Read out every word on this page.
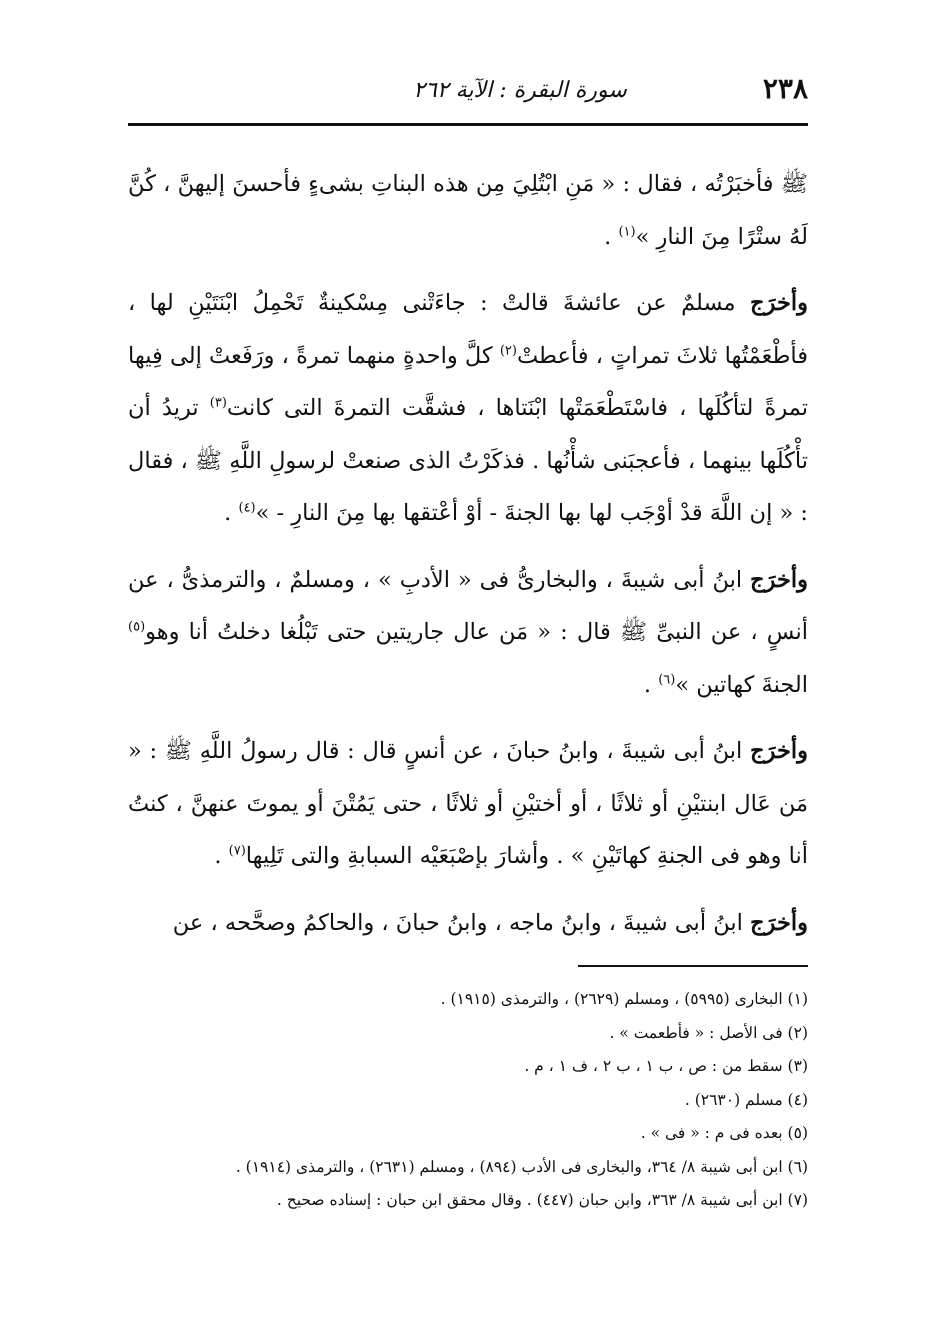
٢٣٨
سورة البقرة : الآية ٢٦٢

ﷺ فأخبَرْتُه ، فقال : « مَنِ ابْتُلِيَ مِن هذه البناتِ بشىءٍ فأحسنَ إليهنَّ ، كُنَّ لَهُ ستْرًا مِنَ النارِ »$^{(١)}$ .

وأخرَج مسلمٌ عن عائشةَ قالتْ : جاءَتْنى مِسْكينةٌ تَحْمِلُ ابْنَتَيْنِ لها ، فأطْعَمْتُها ثلاثَ تمراتٍ ، فأعطتْ$^{(٢)}$ كلَّ واحدةٍ منهما تمرةً ، ورَفَعتْ إلى فِيها تمرةً لتأكُلَها ، فاسْتَطْعَمَتْها ابْنَتاها ، فشقَّت التمرةَ التى كانت$^{(٣)}$ تريدُ أن تأْكُلَها بينهما ، فأعجبَنى شأْنُها . فذكَرْتُ الذى صنعتْ لرسولِ اللَّهِ ﷺ ، فقال : « إن اللَّهَ قدْ أوْجَب لها بها الجنةَ - أوْ أعْتقها بها مِنَ النارِ - »$^{(٤)}$ .

وأخرَج ابنُ أبى شيبةَ ، والبخارىُّ فى « الأدبِ » ، ومسلمٌ ، والترمذىُّ ، عن أنسٍ ، عن النبىِّ ﷺ قال : « مَن عال جاريتين حتى تَبْلُغا دخلتُ أنا وهو$^{(٥)}$ الجنةَ كهاتين »$^{(٦)}$ .

وأخرَج ابنُ أبى شيبةَ ، وابنُ حبانَ ، عن أنسٍ قال : قال رسولُ اللَّهِ ﷺ : « مَن عَال ابنتيْنِ أو ثلاثًا ، أو أختيْنِ أو ثلاثًا ، حتى يَمُتْنَ أو يموتَ عنهنَّ ، كنتُ أنا وهو فى الجنةِ كهاتَيْنِ » . وأشارَ بإصْبَعَيْه السبابةِ والتى تَلِيها$^{(٧)}$ .

وأخرَج ابنُ أبى شيبةَ ، وابنُ ماجه ، وابنُ حبانَ ، والحاكمُ وصحَّحه ، عن

(١) البخارى (٥٩٩٥) ، ومسلم (٢٦٢٩) ، والترمذى (١٩١٥) .
(٢) فى الأصل : « فأطعمت » .
(٣) سقط من : ص ، ب ١ ، ب ٢ ، ف ١ ، م .
(٤) مسلم (٢٦٣٠) .
(٥) بعده فى م : « فى » .
(٦) ابن أبى شيبة ٨/ ٣٦٤، والبخارى فى الأدب (٨٩٤) ، ومسلم (٢٦٣١) ، والترمذى (١٩١٤) .
(٧) ابن أبى شيبة ٨/ ٣٦٣، وابن حبان (٤٤٧) . وقال محقق ابن حبان : إسناده صحيح .
